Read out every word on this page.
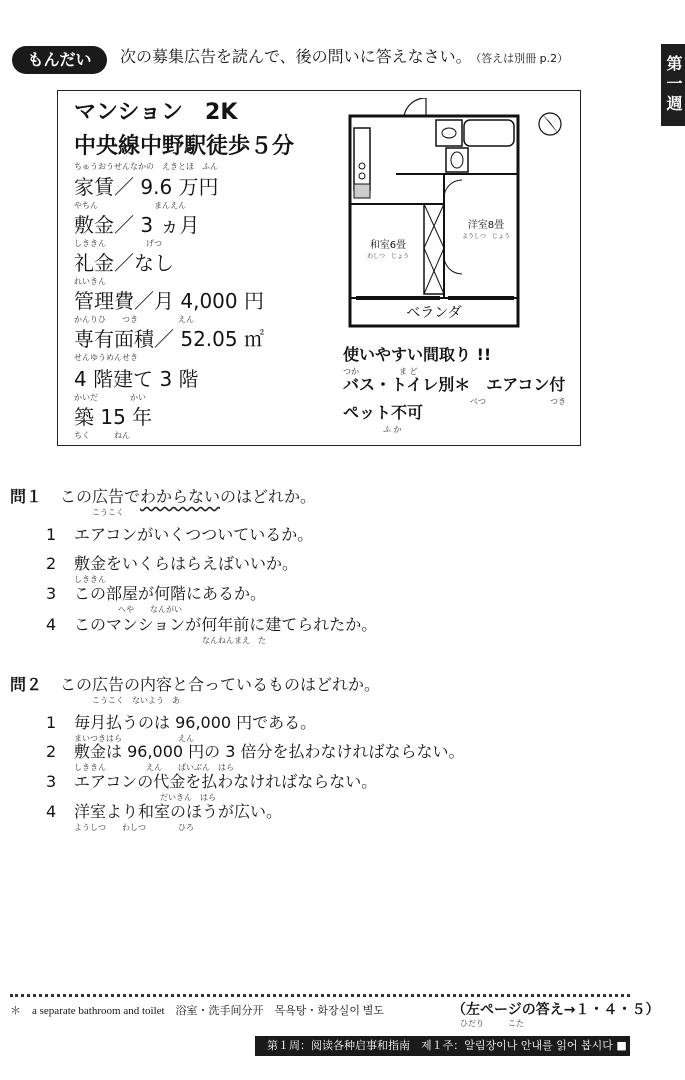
もんだい	次の募集広告を読んで、後の問いに答えなさい。 （答えは別冊 p.2）	第一週
マンション　2K
中央線中野駅徒歩５分
ちゅうおうせんなかの　えきとほ　ふん
家賃／ 9.6 万円
やちん　　　　　　　まんえん
敷金／ 3 ヵ月
しききん　　　　　げつ
礼金／なし
れいきん
管理費／月 4,000 円
かんりひ　　つき　　　　　えん
専有面積／ 52.05 ㎡
せんゆうめんせき
4 階建て 3 階
かいだ　　　　かい
築 15 年
ちく　　　ねん
使いやすい間取り !!
つか　　　　　ま ど
バス・トイレ別＊　エアコン付
べつ　　　　　　　　つき
ペット不可
ふ か
ベランダ
洋室8畳
ようしつ　じょう
和室6畳
わしつ　じょう
問１ この広告でわからないのはどれか。
こうこく
1 エアコンがいくつついているか。
2 敷金をいくらはらえばいいか。
しききん
3 この部屋が何階にあるか。
へや　　なんがい
4 このマンションが何年前に建てられたか。
なんねんまえ　た
問２ この広告の内容と合っているものはどれか。
こうこく　ないよう　あ
1 毎月払うのは 96,000 円である。
まいつきはら　　　　　　　えん
2 敷金は 96,000 円の 3 倍分を払わなければならない。
しききん　　　　　えん　　ばいぶん　はら
3 エアコンの代金を払わなければならない。
だいきん　はら
4 洋室より和室のほうが広い。
ようしつ　　わしつ　　　　ひろ
＊　a separate bathroom and toilet　浴室・洗手间分开　목욕탕・화장실이 별도	（左ページの答え→１・４・５）
ひだり　　　こた
第１周：阅读各种启事和指南　제１주：알림장이나 안내를 읽어 봅시다 ■ 23
